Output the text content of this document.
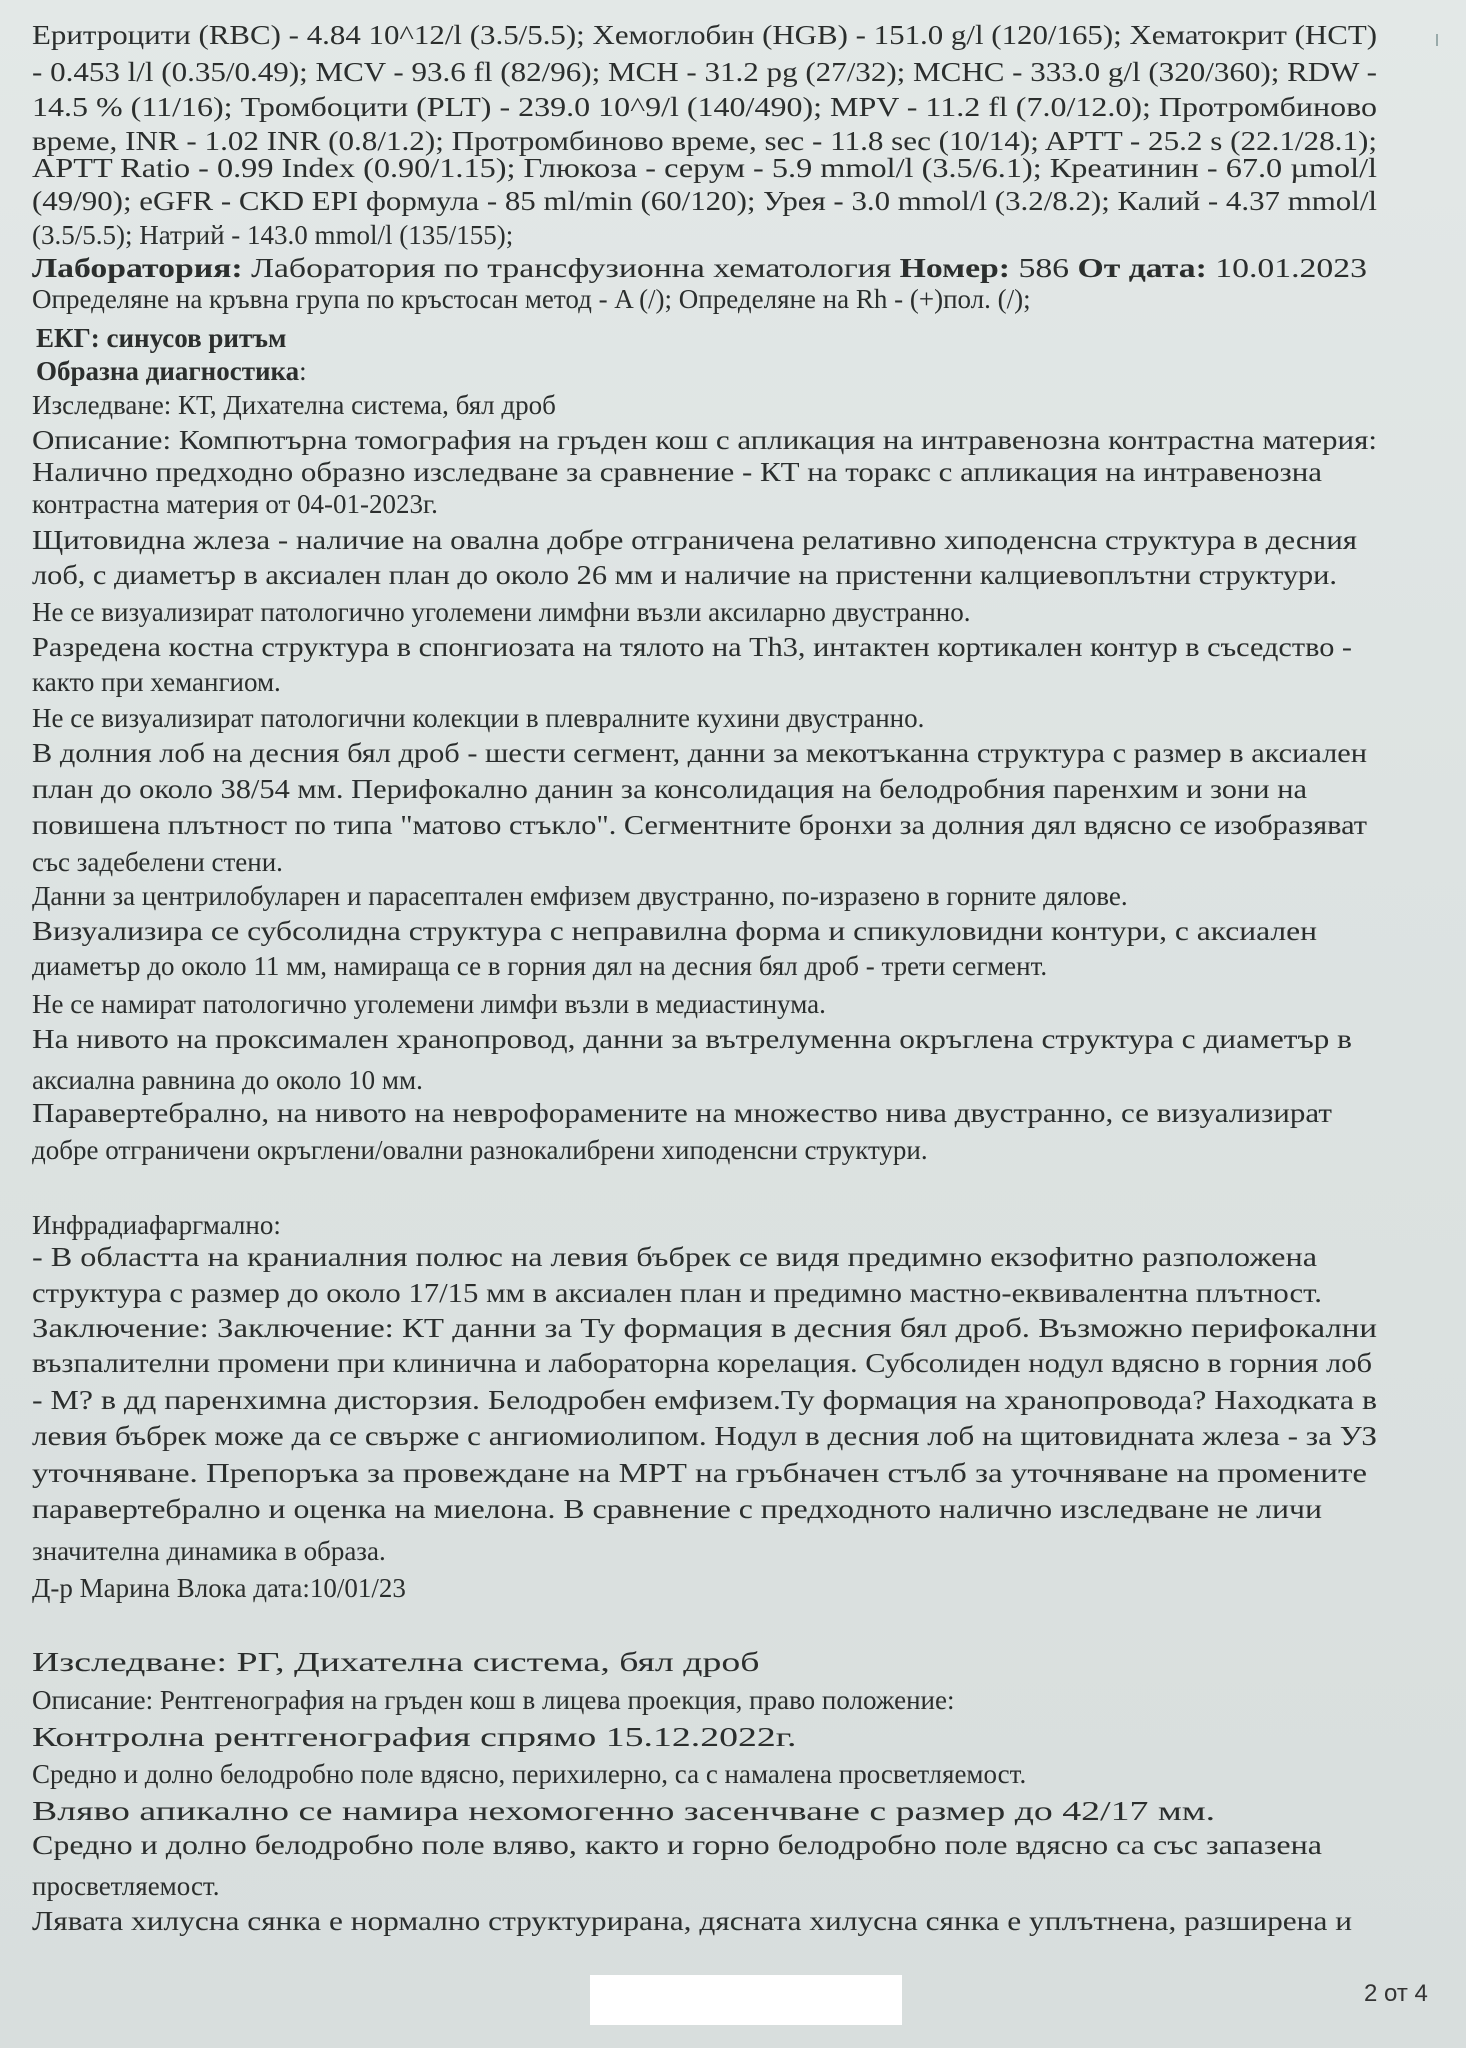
Еритроцити (RBC) - 4.84 10^12/l (3.5/5.5); Хемоглобин (HGB) - 151.0 g/l (120/165); Хематокрит (HCT)
- 0.453 l/l (0.35/0.49); MCV - 93.6 fl (82/96); MCH - 31.2 pg (27/32); MCHC - 333.0 g/l (320/360); RDW -
14.5 % (11/16); Тромбоцити (PLT) - 239.0 10^9/l (140/490); MPV - 11.2 fl (7.0/12.0); Протромбиново
време, INR - 1.02 INR (0.8/1.2); Протромбиново време, sec - 11.8 sec (10/14); APTT - 25.2 s (22.1/28.1);
APTT Ratio - 0.99 Index (0.90/1.15); Глюкоза - серум - 5.9 mmol/l (3.5/6.1); Креатинин - 67.0 µmol/l
(49/90); eGFR - CKD EPI формула - 85 ml/min (60/120); Урея - 3.0 mmol/l (3.2/8.2); Калий - 4.37 mmol/l
(3.5/5.5); Натрий - 143.0 mmol/l (135/155);
Лаборатория: Лаборатория по трансфузионна хематология Номер: 586 От дата: 10.01.2023
Определяне на кръвна група по кръстосан метод - A (/); Определяне на Rh - (+)пол. (/);
ЕКГ: синусов ритъм
Образна диагностика:
Изследване: КТ, Дихателна система, бял дроб
Описание: Компютърна томография на гръден кош с апликация на интравенозна контрастна материя:
Налично предходно образно изследване за сравнение - КТ на торакс с апликация на интравенозна
контрастна материя от 04-01-2023г.
Щитовидна жлеза - наличие на овална добре отграничена релативно хиподенсна структура в десния
лоб, с диаметър в аксиален план до около 26 мм и наличие на пристенни калциевоплътни структури.
Не се визуализират патологично уголемени лимфни възли аксиларно двустранно.
Разредена костна структура в спонгиозата на тялото на Th3, интактен кортикален контур в съседство -
както при хемангиом.
Не се визуализират патологични колекции в плевралните кухини двустранно.
В долния лоб на десния бял дроб - шести сегмент, данни за мекотъканна структура с размер в аксиален
план до около 38/54 мм. Перифокално данин за консолидация на белодробния паренхим и зони на
повишена плътност по типа "матово стъкло". Сегментните бронхи за долния дял вдясно се изобразяват
със задебелени стени.
Данни за центрилобуларен и парасептален емфизем двустранно, по-изразено в горните дялове.
Визуализира се субсолидна структура с неправилна форма и спикуловидни контури, с аксиален
диаметър до около 11 мм, намираща се в горния дял на десния бял дроб - трети сегмент.
Не се намират патологично уголемени лимфи възли в медиастинума.
На нивото на проксимален хранопровод, данни за вътрелуменна окръглена структура с диаметър в
аксиална равнина до около 10 мм.
Паравертебрално, на нивото на неврофорамените на множество нива двустранно, се визуализират
добре отграничени окръглени/овални разнокалибрени хиподенсни структури.
Инфрадиафаргмално:
- В областта на краниалния полюс на левия бъбрек се видя предимно екзофитно разположена
структура с размер до около 17/15 мм в аксиален план и предимно мастно-еквивалентна плътност.
Заключение: Заключение: КТ данни за Ту формация в десния бял дроб. Възможно перифокални
възпалителни промени при клинична и лабораторна корелация. Субсолиден нодул вдясно в горния лоб
- М? в дд паренхимна дисторзия. Белодробен емфизем.Ту формация на хранопровода? Находката в
левия бъбрек може да се свърже с ангиомиолипом. Нодул в десния лоб на щитовидната жлеза - за УЗ
уточняване. Препоръка за провеждане на МРТ на гръбначен стълб за уточняване на промените
паравертебрално и оценка на миелона. В сравнение с предходното налично изследване не личи
значителна динамика в образа.
Д-р Марина Влока дата:10/01/23
Изследване: РГ, Дихателна система, бял дроб
Описание: Рентгенография на гръден кош в лицева проекция, право положение:
Контролна рентгенография спрямо 15.12.2022г.
Средно и долно белодробно поле вдясно, перихилерно, са с намалена просветляемост.
Вляво апикално се намира нехомогенно засенчване с размер до 42/17 мм.
Средно и долно белодробно поле вляво, както и горно белодробно поле вдясно са със запазена
просветляемост.
Лявата хилусна сянка е нормално структурирана, дясната хилусна сянка е уплътнена, разширена и
2 от 4
